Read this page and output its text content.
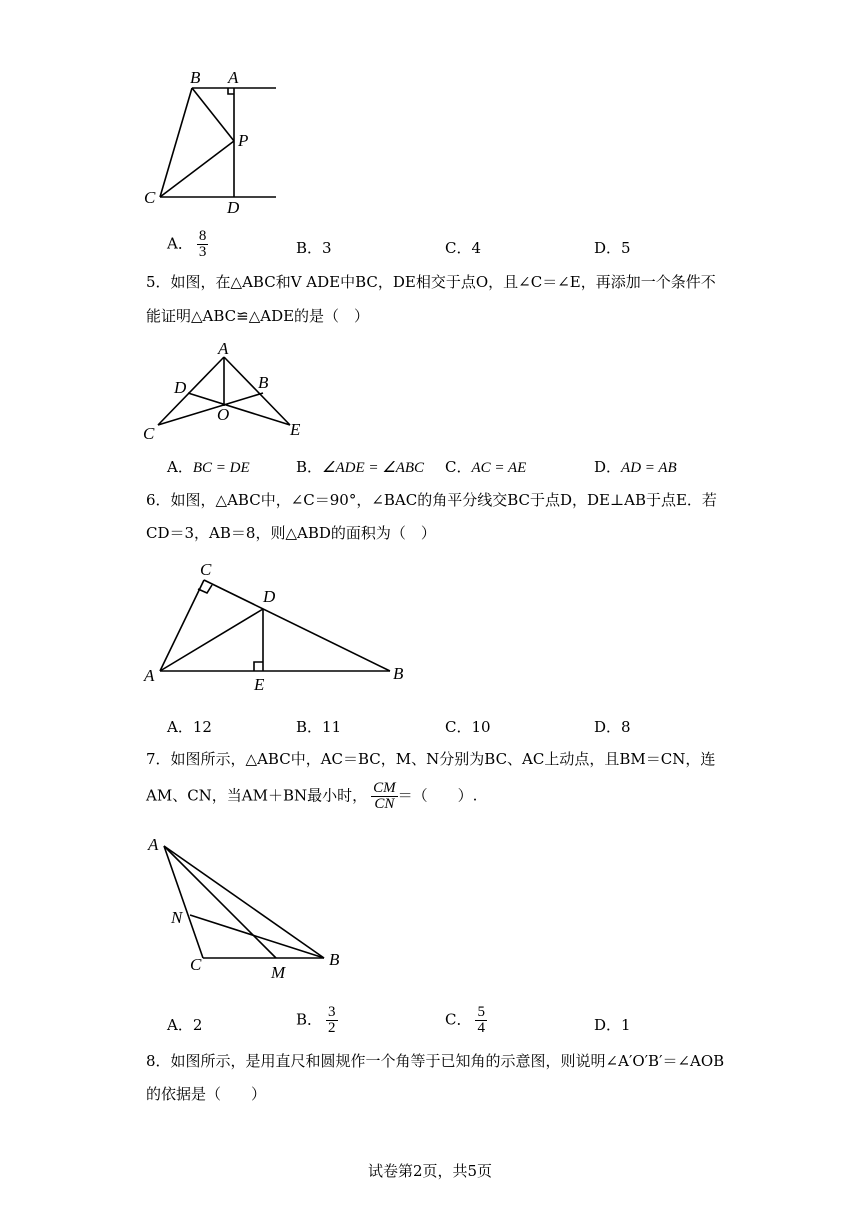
B A
P
C
D
A． $\frac{8}{3}$	B．3	C．4	D．5
5．如图，在△ABC和V ADE中BC，DE相交于点O，且∠C＝∠E，再添加一个条件不
能证明△ABC≌△ADE的是（　）
A
D	B
O
C	E
A．BC = DE	B．∠ADE = ∠ABC C．AC = AE	D．AD = AB
6．如图，△ABC中，∠C＝90°，∠BAC的角平分线交BC于点D，DE⊥AB于点E．若
CD＝3，AB＝8，则△ABD的面积为（　）
C
D
A	E
B
A．12	B．11	C．10	D．8
7．如图所示，△ABC中，AC＝BC，M、N分别为BC、AC上动点，且BM＝CN，连
AM、CN，当AM＋BN最小时， $\frac{CM}{CN}$ ＝（　　）.
A
N
C	M
B
A．2	B． $\frac{3}{2}$	C． $\frac{5}{4}$	D．1
8．如图所示，是用直尺和圆规作一个角等于已知角的示意图，则说明∠A′O′B′＝∠AOB
的依据是（　　）
试卷第2页，共5页
